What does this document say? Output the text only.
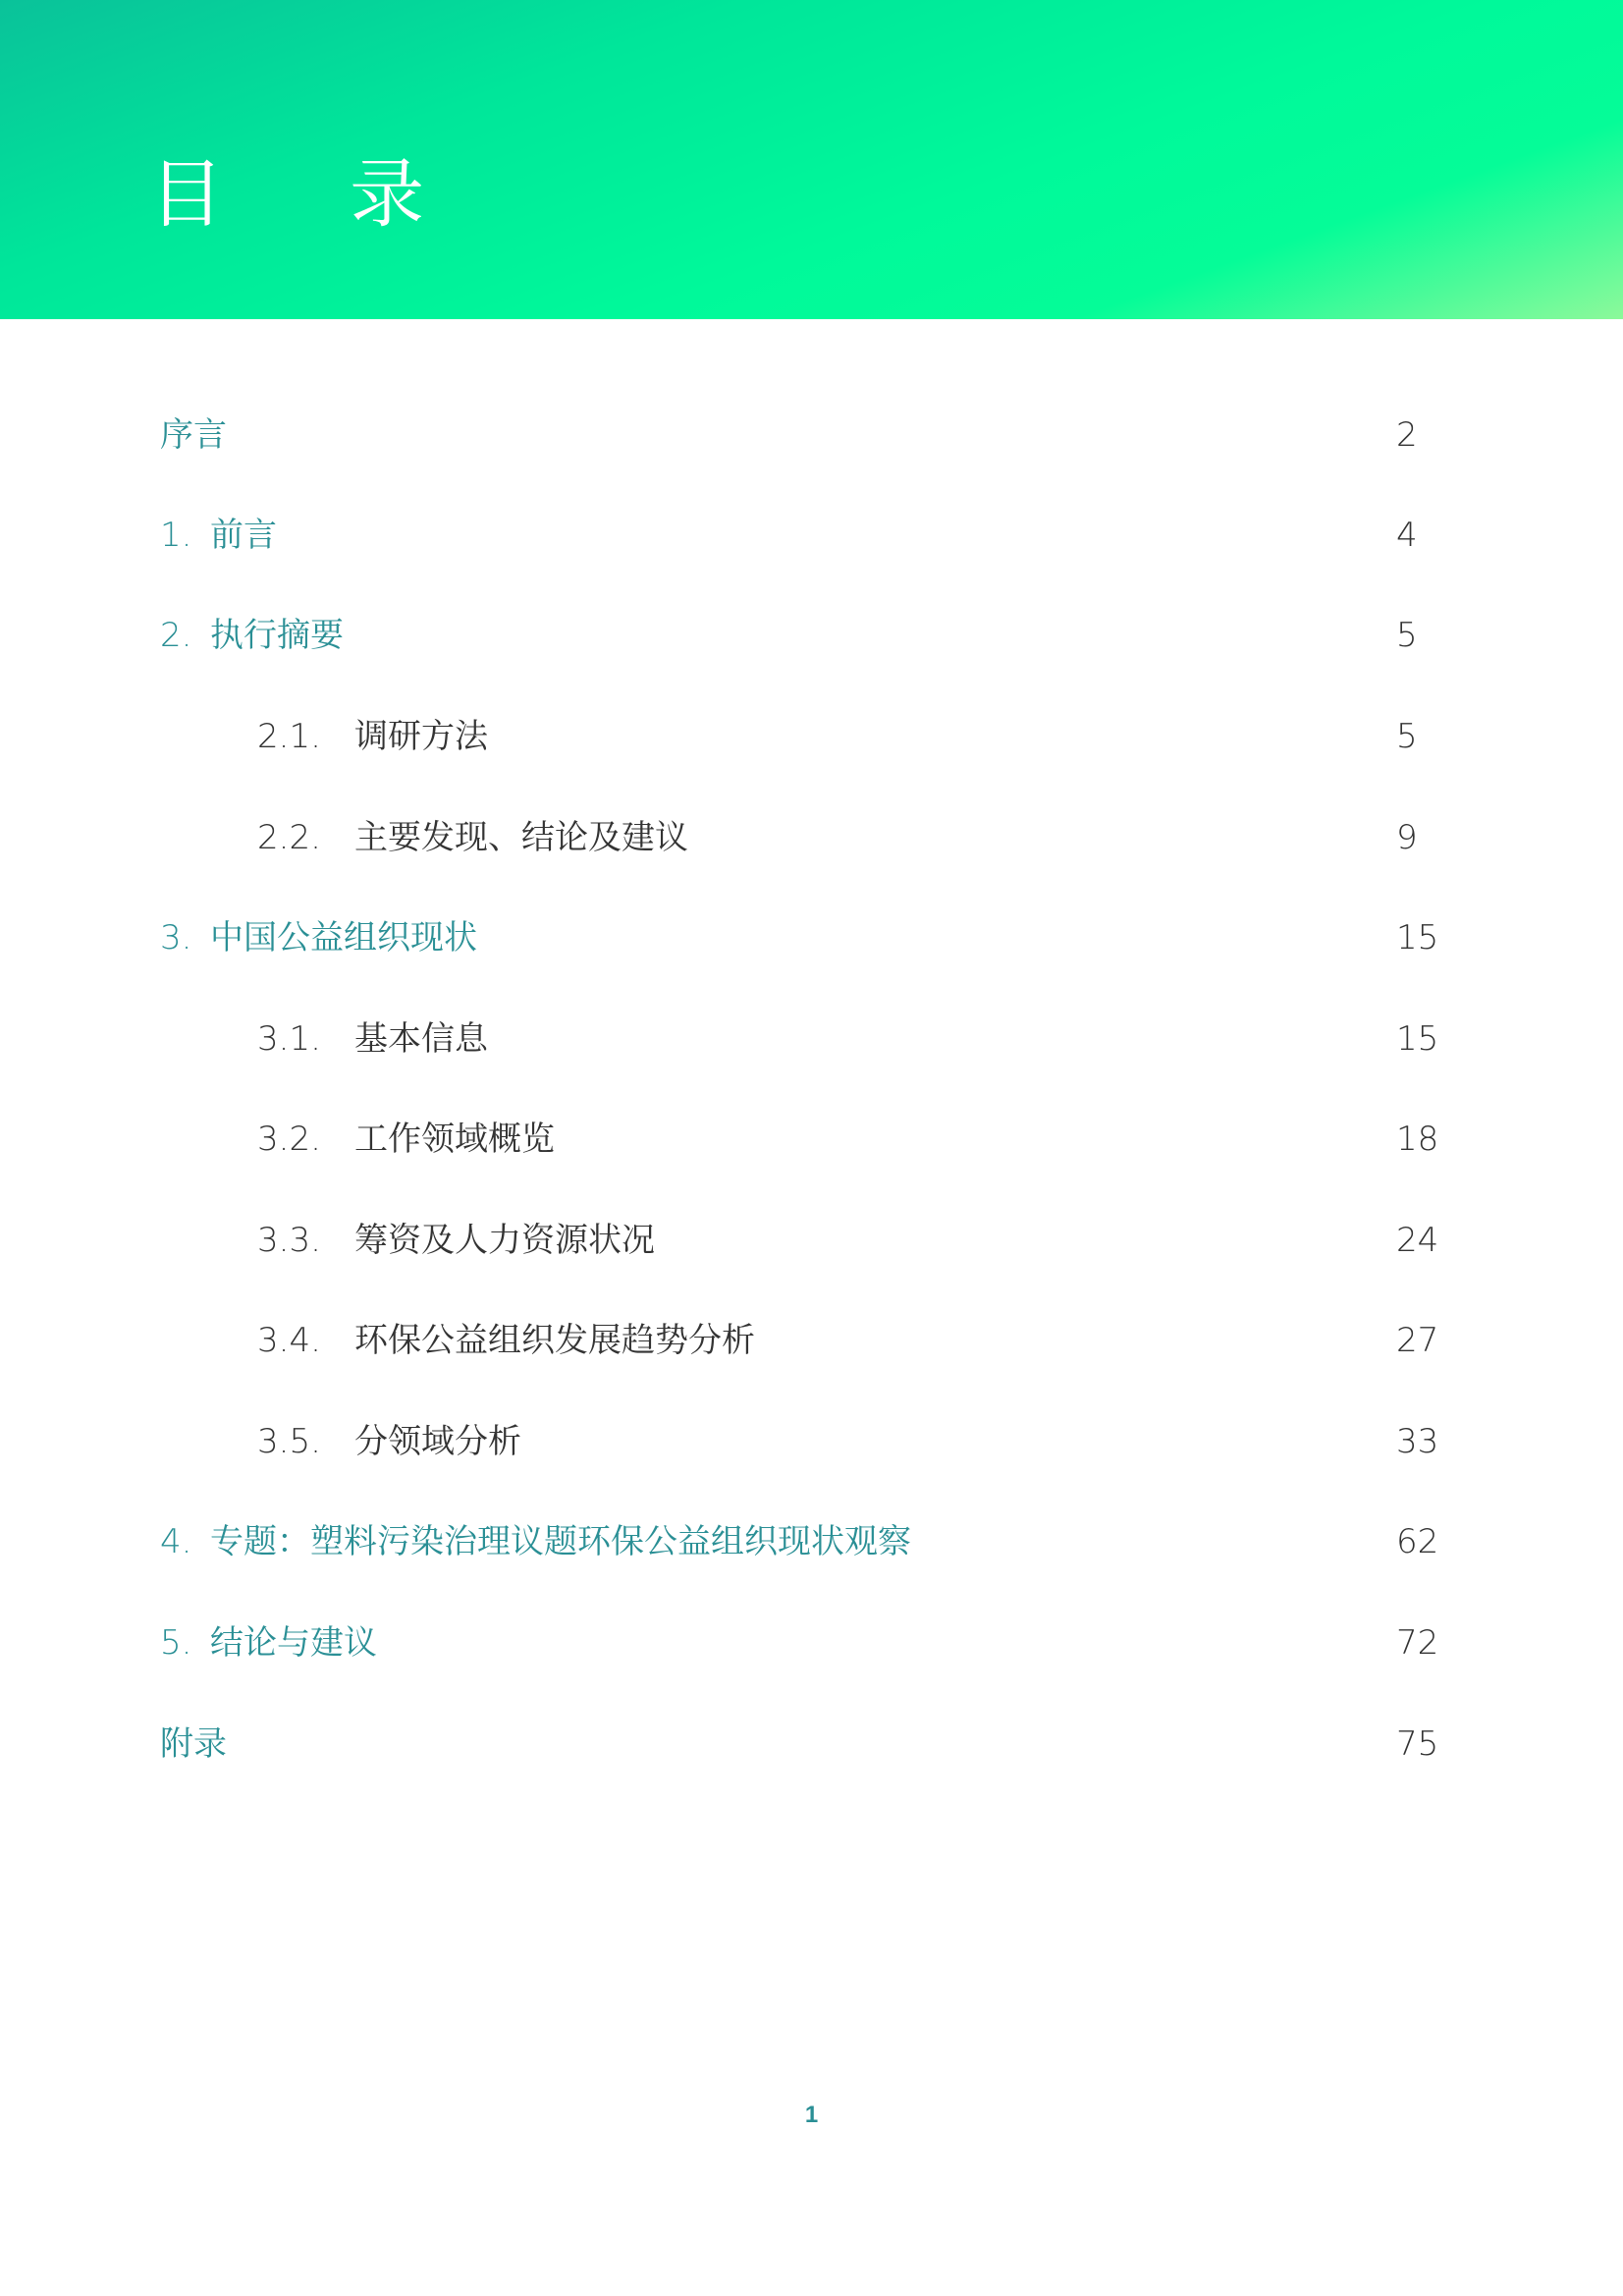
目 录
序言	2
1. 前言	4
2. 执行摘要	5
2.1. 调研方法	5
2.2. 主要发现、结论及建议	9
3. 中国公益组织现状	15
3.1. 基本信息	15
3.2. 工作领域概览	18
3.3. 筹资及人力资源状况	24
3.4. 环保公益组织发展趋势分析	27
3.5. 分领域分析	33
4. 专题：塑料污染治理议题环保公益组织现状观察	62
5. 结论与建议	72
附录	75
1
